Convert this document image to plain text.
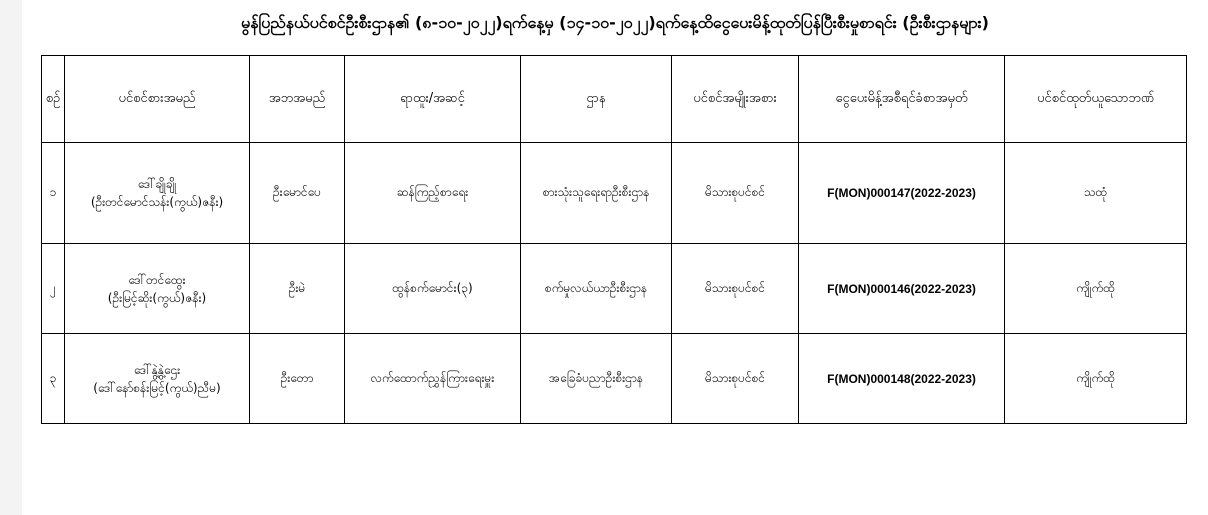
မွန်ပြည်နယ်ပင်စင်ဦးစီးဌာန၏ (၈-၁၀-၂၀၂၂)ရက်နေ့မှ (၁၄-၁၀-၂၀၂၂)ရက်နေ့ထိငွေပေးမိန့်ထုတ်ပြန်ပြီးစီးမှုစာရင်း (ဦးစီးဌာနများ)
စဉ်	ပင်စင်စားအမည်	အဘအမည်	ရာထူး/အဆင့်	ဌာန	ပင်စင်အမျိုးအစား	ငွေပေးမိန့်အစီရင်ခံစာအမှတ်	ပင်စင်ထုတ်ယူသောဘဏ်
၁	ဒေါ်ချိုချို
(ဦးတင်မောင်သန်း(ကွယ်)ဇနီး)	ဦးမောင်ပေ	ဆန်ကြည့်စာရေး	စားသုံးသူရေးရာဦးစီးဌာန	မိသားစုပင်စင်	F(MON)000147(2022-2023)	သထုံ
၂	ဒေါ်တင်ထွေး
(ဦးမြင့်ဆိုး(ကွယ်)ဇနီး)	ဦးမဲ	ထွန်စက်မောင်း(၃)	စက်မှုလယ်ယာဦးစီးဌာန	မိသားစုပင်စင်	F(MON)000146(2022-2023)	ကျိုက်ထို
၃	ဒေါ်နွဲ့နွဲ့ဌေး
(ဒေါ်နော်စန်းမြင့်(ကွယ်)ညီမ)	ဦးတော	လက်ထောက်ညွှန်ကြားရေးမှူး	အခြေခံပညာဦးစီးဌာန	မိသားစုပင်စင်	F(MON)000148(2022-2023)	ကျိုက်ထို
